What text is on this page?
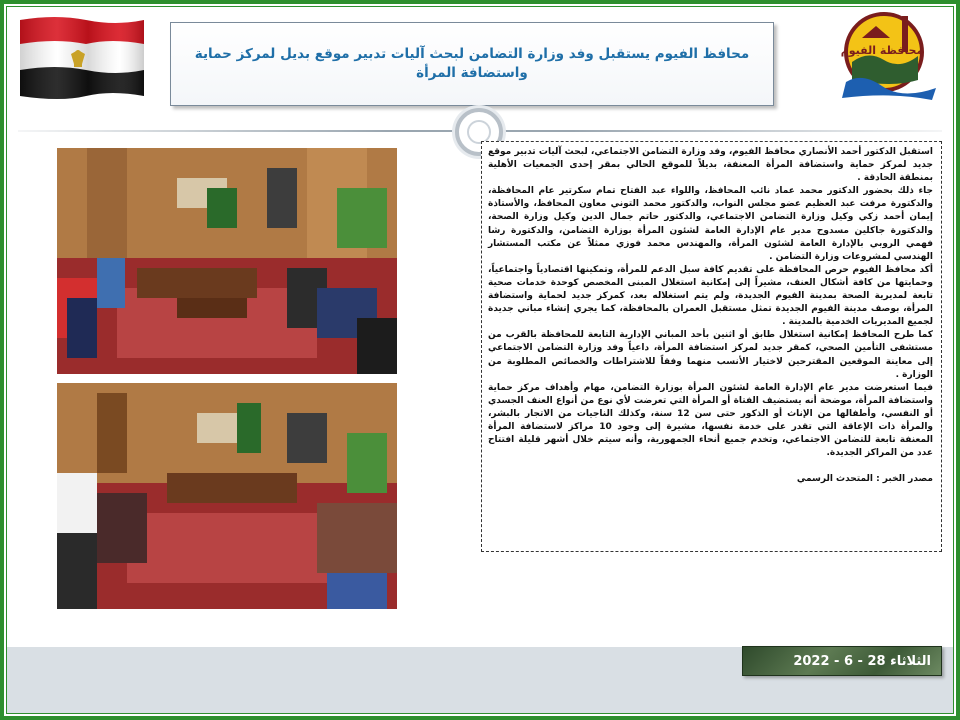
محافظة الفيوم

محافظ الفيوم يستقبل وفد وزارة التضامن لبحث آليات تدبير موقع بديل لمركز حماية واستضافة المرأة

استقبل الدكتور أحمد الأنصاري محافظ الفيوم، وفد وزارة التضامن الاجتماعي، لبحث آليات تدبير موقع جديد لمركز حماية واستضافة المرأة المعنفة، بديلاً للموقع الحالي بمقر إحدى الجمعيات الأهلية بمنطقة الحادقة .

جاء ذلك بحضور الدكتور محمد عماد نائب المحافظ، واللواء عبد الفتاح تمام سكرتير عام المحافظة، والدكتورة مرفت عبد العظيم عضو مجلس النواب، والدكتور محمد التوني معاون المحافظ، والأستاذة إيمان أحمد زكي وكيل وزارة التضامن الاجتماعي، والدكتور حاتم جمال الدين وكيل وزارة الصحة، والدكتورة جاكلين مسدوح مدير عام الإدارة العامة لشئون المرأة بوزارة التضامن، والدكتورة رشا فهمي الروبي بالإدارة العامة لشئون المرأة، والمهندس محمد فوزي ممثلاً عن مكتب المستشار الهندسي لمشروعات وزارة التضامن .

أكد محافظ الفيوم حرص المحافظة على تقديم كافة سبل الدعم للمرأة، وتمكينها اقتصادياً واجتماعياً، وحمايتها من كافة أشكال العنف، مشيراً إلى إمكانية استغلال المبنى المخصص كوحدة خدمات صحية تابعة لمديرية الصحة بمدينة الفيوم الجديدة، ولم يتم استغلاله بعد، كمركز جديد لحماية واستضافة المرأة، بوصف مدينة الفيوم الجديدة تمثل مستقبل العمران بالمحافظة، كما يجري إنشاء مباني جديدة لجميع المديريات الخدمية بالمدينة .

كما طرح المحافظ إمكانية استغلال طابق أو اثنين بأحد المباني الإدارية التابعة للمحافظة بالقرب من مستشفى التأمين الصحي، كمقر جديد لمركز استضافة المرأة، داعياً وفد وزارة التضامن الاجتماعي إلى معاينة الموقعين المقترحين لاختيار الأنسب منهما وفقاً للاشتراطات والخصائص المطلوبة من الوزارة .

فيما استعرضت مدير عام الإدارة العامة لشئون المرأة بوزارة التضامن، مهام وأهداف مركز حماية واستضافة المرأة، موضحة أنه يستضيف الفتاة أو المرأة التي تعرضت لأي نوع من أنواع العنف الجسدي أو النفسي، وأطفالها من الإناث أو الذكور حتى سن 12 سنة، وكذلك الناجيات من الاتجار بالبشر، والمرأة ذات الإعاقة التي تقدر على خدمة نفسها، مشيرة إلى وجود 10 مراكز لاستضافة المرأة المعنفة تابعة للتضامن الاجتماعي، وتخدم جميع أنحاء الجمهورية، وأنه سيتم خلال أشهر قليلة افتتاح عدد من المراكز الجديدة.

مصدر الخبر : المتحدث الرسمي
الثلاثاء 28 - 6 - 2022
